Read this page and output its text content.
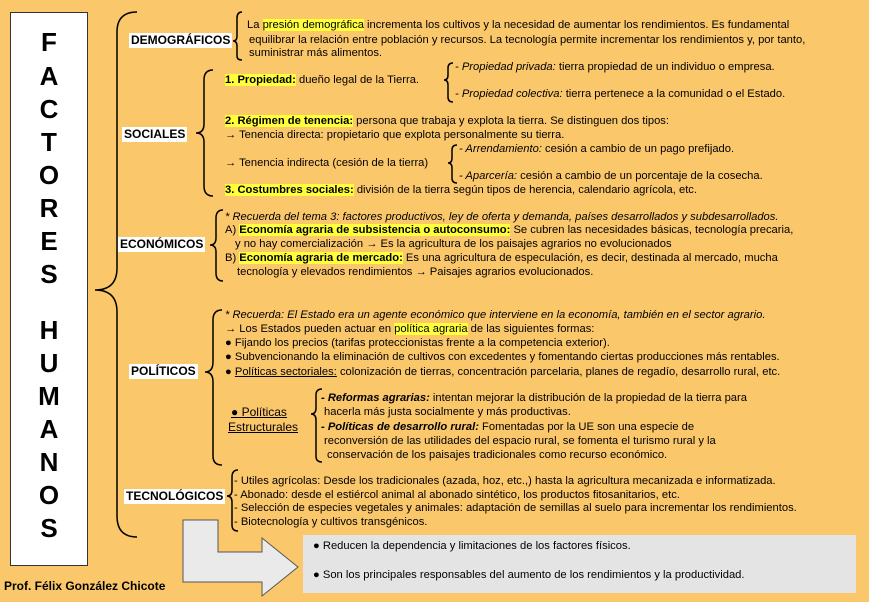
F
A
C
T
O
R
E
S
H
U
M
A
N
O
S
Prof. Félix González Chicote
DEMOGRÁFICOS
SOCIALES
ECONÓMICOS
POLÍTICOS
TECNOLÓGICOS
La presión demográfica incrementa los cultivos y la necesidad de aumentar los rendimientos. Es fundamental
equilibrar la relación entre población y recursos. La tecnología permite incrementar los rendimientos y, por tanto,
suministrar más alimentos.
1. Propiedad: dueño legal de la Tierra.
- Propiedad privada: tierra propiedad de un individuo o empresa.
- Propiedad colectiva: tierra pertenece a la comunidad o el Estado.
2. Régimen de tenencia: persona que trabaja y explota la tierra. Se distinguen dos tipos:
→ Tenencia directa: propietario que explota personalmente su tierra.
→ Tenencia indirecta (cesión de la tierra)
- Arrendamiento: cesión a cambio de un pago prefijado.
- Aparcería: cesión a cambio de un porcentaje de la cosecha.
3. Costumbres sociales: división de la tierra según tipos de herencia, calendario agrícola, etc.
* Recuerda del tema 3: factores productivos, ley de oferta y demanda, países desarrollados y subdesarrollados.
A) Economía agraria de subsistencia o autoconsumo: Se cubren las necesidades básicas, tecnología precaria,
y no hay comercialización → Es la agricultura de los paisajes agrarios no evolucionados
B) Economía agraria de mercado: Es una agricultura de especulación, es decir, destinada al mercado, mucha
tecnología y elevados rendimientos → Paisajes agrarios evolucionados.
* Recuerda: El Estado era un agente económico que interviene en la economía, también en el sector agrario.
→ Los Estados pueden actuar en política agraria de las siguientes formas:
● Fijando los precios (tarifas proteccionistas frente a la competencia exterior).
● Subvencionando la eliminación de cultivos con excedentes y fomentando ciertas producciones más rentables.
● Políticas sectoriales: colonización de tierras, concentración parcelaria, planes de regadío, desarrollo rural, etc.
● Políticas
Estructurales
- Reformas agrarias: intentan mejorar la distribución de la propiedad de la tierra para
hacerla más justa socialmente y más productivas.
- Políticas de desarrollo rural: Fomentadas por la UE son una especie de
reconversión de las utilidades del espacio rural, se fomenta el turismo rural y la
conservación de los paisajes tradicionales como recurso económico.
- Utiles agrícolas: Desde los tradicionales (azada, hoz, etc.,) hasta la agricultura mecanizada e informatizada.
- Abonado: desde el estiércol animal al abonado sintético, los productos fitosanitarios, etc.
- Selección de especies vegetales y animales: adaptación de semillas al suelo para incrementar los rendimientos.
- Biotecnología y cultivos transgénicos.
● Reducen la dependencia y limitaciones de los factores físicos.
● Son los principales responsables del aumento de los rendimientos y la productividad.
